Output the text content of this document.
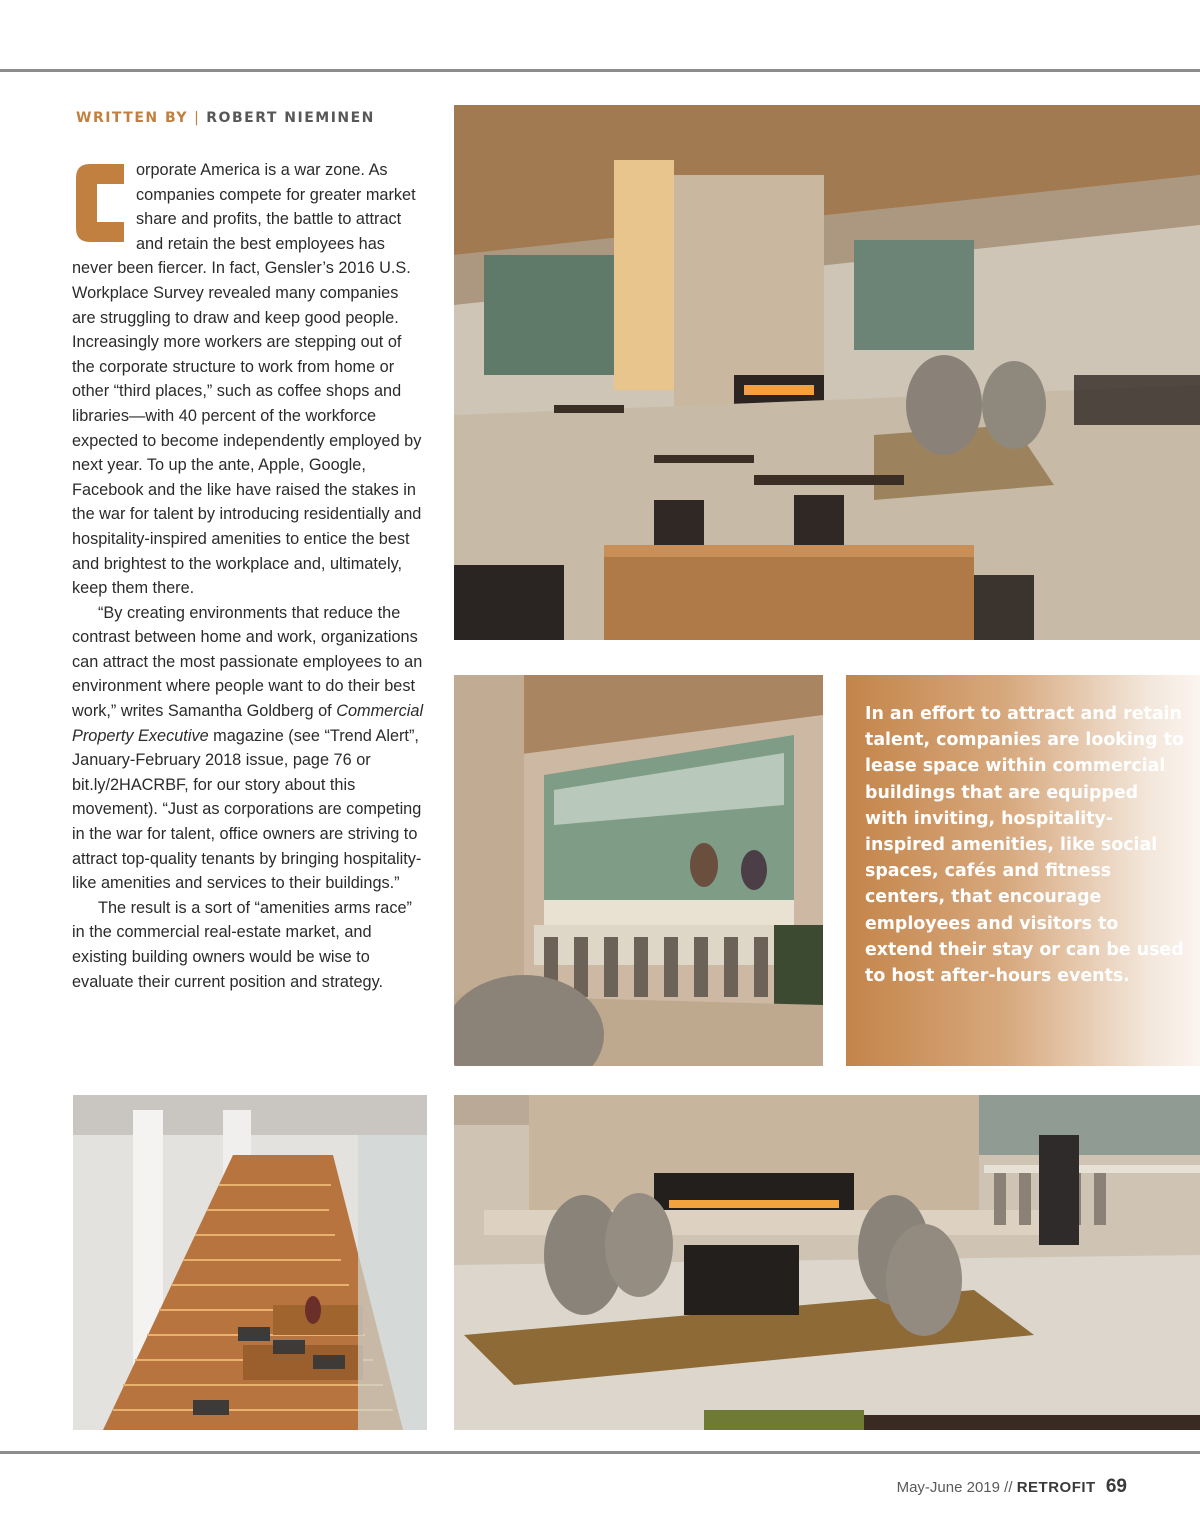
WRITTEN BY | ROBERT NIEMINEN

orporate America is a war zone. As companies compete for greater market share and profits, the battle to attract and retain the best employees has never been fiercer. In fact, Gensler’s 2016 U.S. Workplace Survey revealed many companies are struggling to draw and keep good people. Increasingly more workers are stepping out of the corporate structure to work from home or other “third places,” such as coffee shops and libraries—with 40 percent of the workforce expected to become independently employed by next year. To up the ante, Apple, Google, Facebook and the like have raised the stakes in the war for talent by introducing residentially and hospitality-inspired amenities to entice the best and brightest to the workplace and, ultimately, keep them there.

“By creating environments that reduce the contrast between home and work, organizations can attract the most passionate employees to an environment where people want to do their best work,” writes Samantha Goldberg of Commercial Property Executive magazine (see “Trend Alert”, January-February 2018 issue, page 76 or bit.ly/2HACRBF, for our story about this movement). “Just as corporations are competing in the war for talent, office owners are striving to attract top-quality tenants by bringing hospitality-like amenities and services to their buildings.”

The result is a sort of “amenities arms race” in the commercial real-estate market, and existing building owners would be wise to evaluate their current position and strategy.

In an effort to attract and retain talent, companies are looking to lease space within commercial buildings that are equipped with inviting, hospitality-inspired amenities, like social spaces, cafés and fitness centers, that encourage employees and visitors to extend their stay or can be used to host after-hours events.

May-June 2019 // RETROFIT 69
